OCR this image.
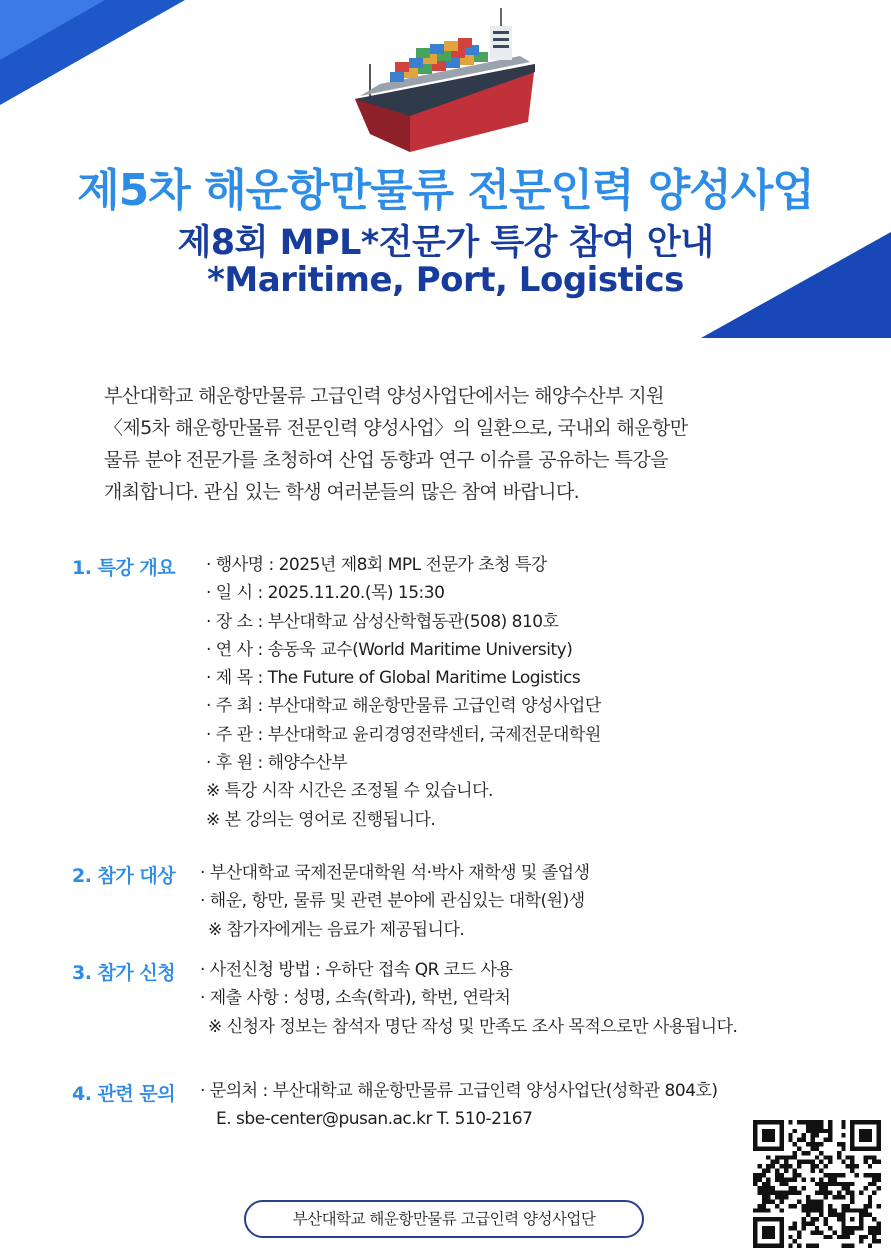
제5차 해운항만물류 전문인력 양성사업
제8회 MPL*전문가 특강 참여 안내
*Maritime, Port, Logistics
부산대학교 해운항만물류 고급인력 양성사업단에서는 해양수산부 지원
〈제5차 해운항만물류 전문인력 양성사업〉의 일환으로, 국내외 해운항만
물류 분야 전문가를 초청하여 산업 동향과 연구 이슈를 공유하는 특강을
개최합니다. 관심 있는 학생 여러분들의 많은 참여 바랍니다.
1. 특강 개요 · 행사명 : 2025년 제8회 MPL 전문가 초청 특강
· 일 시 : 2025.11.20.(목) 15:30
· 장 소 : 부산대학교 삼성산학협동관(508) 810호
· 연 사 : 송동욱 교수(World Maritime University)
· 제 목 : The Future of Global Maritime Logistics
· 주 최 : 부산대학교 해운항만물류 고급인력 양성사업단
· 주 관 : 부산대학교 윤리경영전략센터, 국제전문대학원
· 후 원 : 해양수산부
※ 특강 시작 시간은 조정될 수 있습니다.
※ 본 강의는 영어로 진행됩니다.
2. 참가 대상 · 부산대학교 국제전문대학원 석·박사 재학생 및 졸업생
· 해운, 항만, 물류 및 관련 분야에 관심있는 대학(원)생
※ 참가자에게는 음료가 제공됩니다.
3. 참가 신청 · 사전신청 방법 : 우하단 접속 QR 코드 사용
· 제출 사항 : 성명, 소속(학과), 학번, 연락처
※ 신청자 정보는 참석자 명단 작성 및 만족도 조사 목적으로만 사용됩니다.
4. 관련 문의 · 문의처 : 부산대학교 해운항만물류 고급인력 양성사업단(성학관 804호)
E. sbe-center@pusan.ac.kr T. 510-2167
부산대학교 해운항만물류 고급인력 양성사업단
